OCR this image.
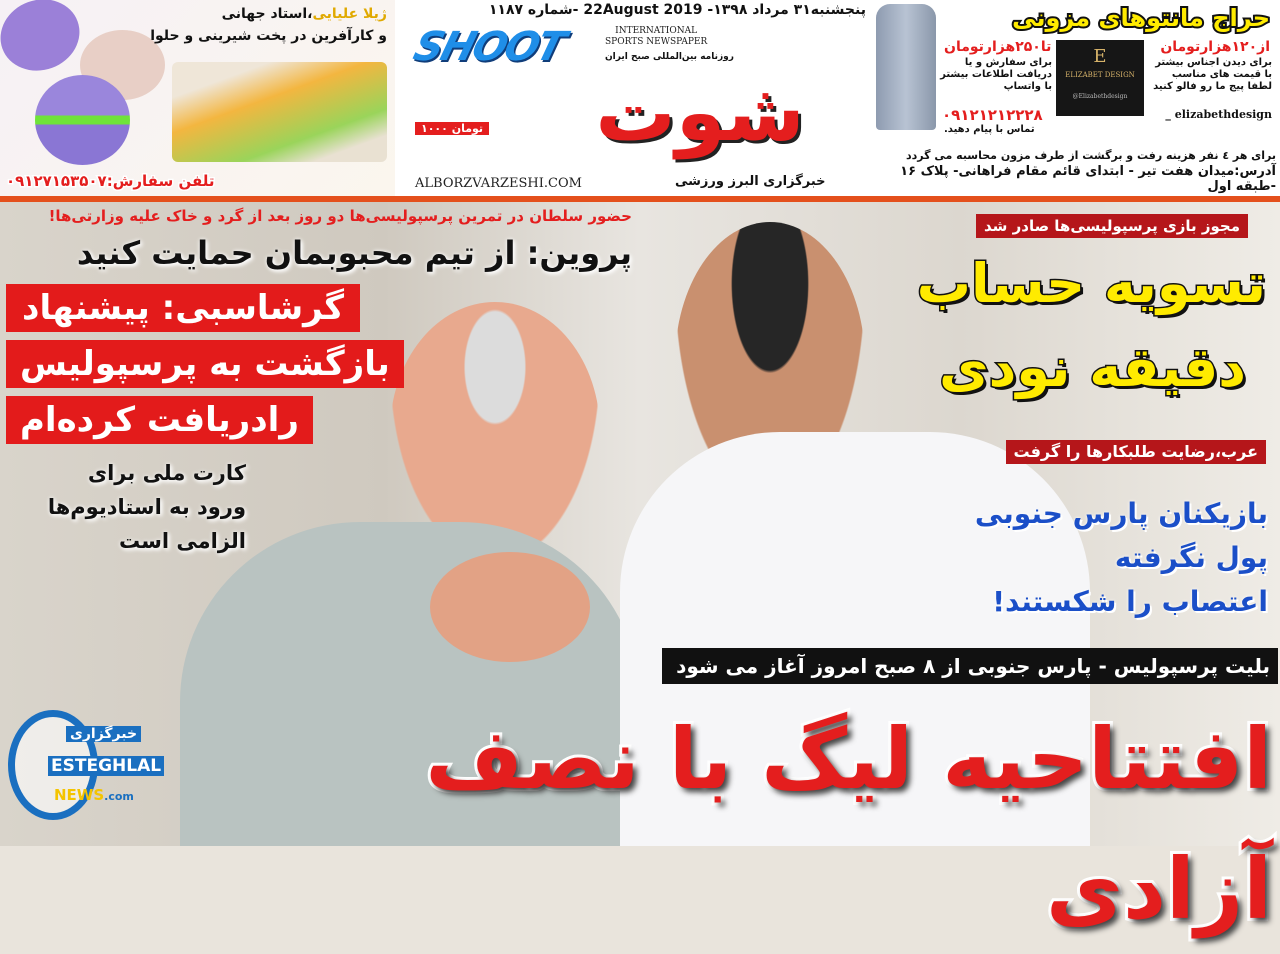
ژیلا علیایی،استاد جهانی
و کارآفرین در پخت شیرینی و حلوا
تلفن سفارش:۰۹۱۲۷۱۵۳۵۰۷
پنجشنبه۳۱ مرداد ۱۳۹۸- 22August 2019 -شماره ۱۱۸۷
SHOOT	INTERNATIONAL
SPORTS NEWSPAPER
روزنامه بین‌المللی صبح ایران
شوت
۱۰۰۰ تومان
ALBORZVARZESHI.COM	خبرگزاری البرز ورزشی
حراج مانتوهای مزونی
تا۲۵۰هزارتومان
برای سفارش و یا دریافت اطلاعات بیشتر با واتساپ
۰۹۱۲۱۲۱۲۲۲۸
تماس با پیام دهید.
E
ELIZABET DESIGN
@Elizabethdesign
از۱۲۰هزارتومان
برای دیدن اجناس بیشتر با قیمت های مناسب لطفا پیج ما رو فالو کنید
elizabethdesign _
برای هر ٤ نفر هزینه رفت و برگشت از طرف مزون محاسبه می گردد
آدرس:میدان هفت تیر - ابتدای قائم مقام فراهانی- پلاک ۱۶ -طبقه اول
حضور سلطان در تمرین پرسپولیسی‌ها دو روز بعد از گرد و خاک علیه وزارتی‌ها!
پروین: از تیم محبوبمان حمایت کنید
گرشاسبی: پیشنهاد
بازگشت به پرسپولیس
رادریافت کرده‌ام
کارت ملی برای
ورود به استادیوم‌ها
الزامی است
مجوز بازی پرسپولیسی‌ها صادر شد
تسویه حساب
دقیقه نودی
عرب،رضایت طلبکارها را گرفت
بازیکنان پارس جنوبی
پول نگرفته
اعتصاب را شکستند!
بلیت پرسپولیس - پارس جنوبی از ۸ صبح امروز آغاز می شود
افتتاحیه لیگ با نصف آزادی
خبرگزاری
ESTEGHLAL
NEWS.com
